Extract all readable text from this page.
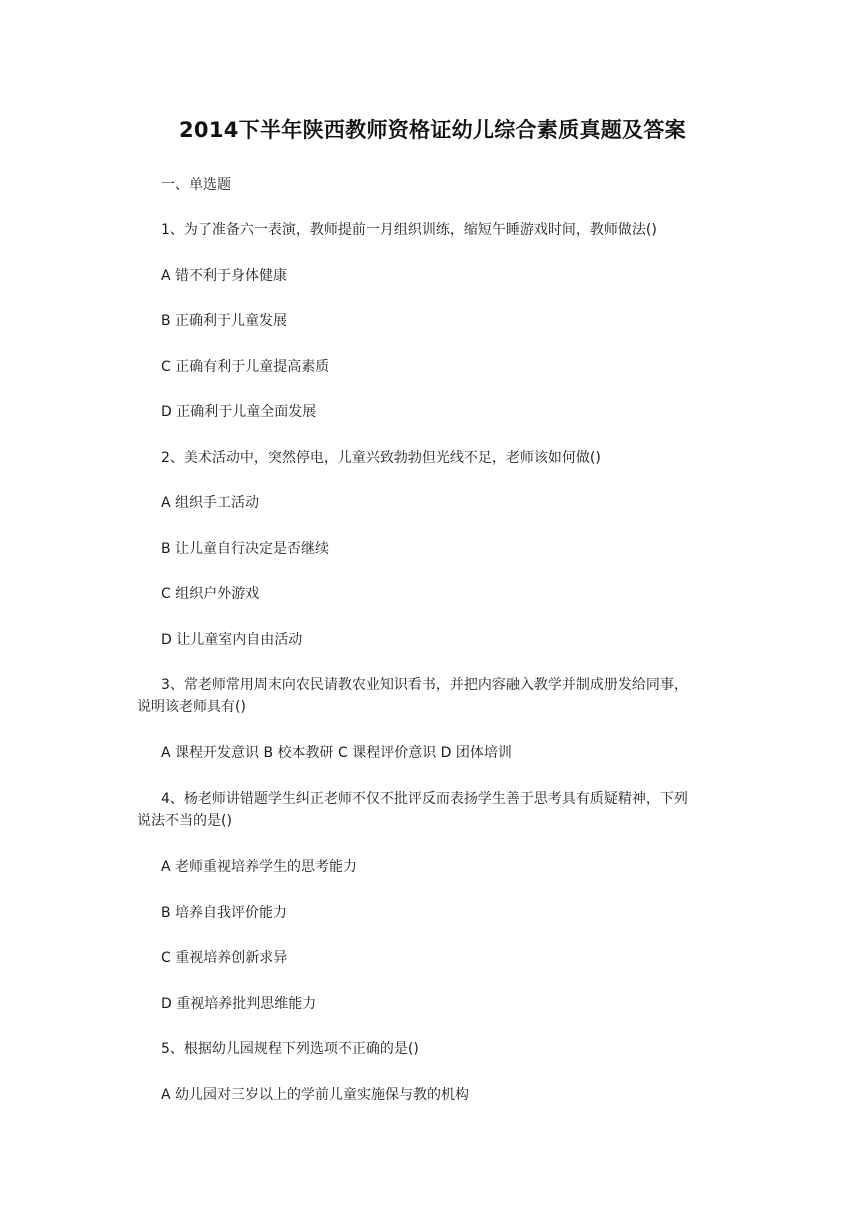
2014下半年陕西教师资格证幼儿综合素质真题及答案
一、单选题
1、为了准备六一表演，教师提前一月组织训练，缩短午睡游戏时间，教师做法()
A 错不利于身体健康
B 正确利于儿童发展
C 正确有利于儿童提高素质
D 正确利于儿童全面发展
2、美术活动中，突然停电，儿童兴致勃勃但光线不足，老师该如何做()
A 组织手工活动
B 让儿童自行决定是否继续
C 组织户外游戏
D 让儿童室内自由活动
3、常老师常用周末向农民请教农业知识看书，并把内容融入教学并制成册发给同事，
说明该老师具有()
A 课程开发意识 B 校本教研 C 课程评价意识 D 团体培训
4、杨老师讲错题学生纠正老师不仅不批评反而表扬学生善于思考具有质疑精神，下列
说法不当的是()
A 老师重视培养学生的思考能力
B 培养自我评价能力
C 重视培养创新求异
D 重视培养批判思维能力
5、根据幼儿园规程下列选项不正确的是()
A 幼儿园对三岁以上的学前儿童实施保与教的机构
